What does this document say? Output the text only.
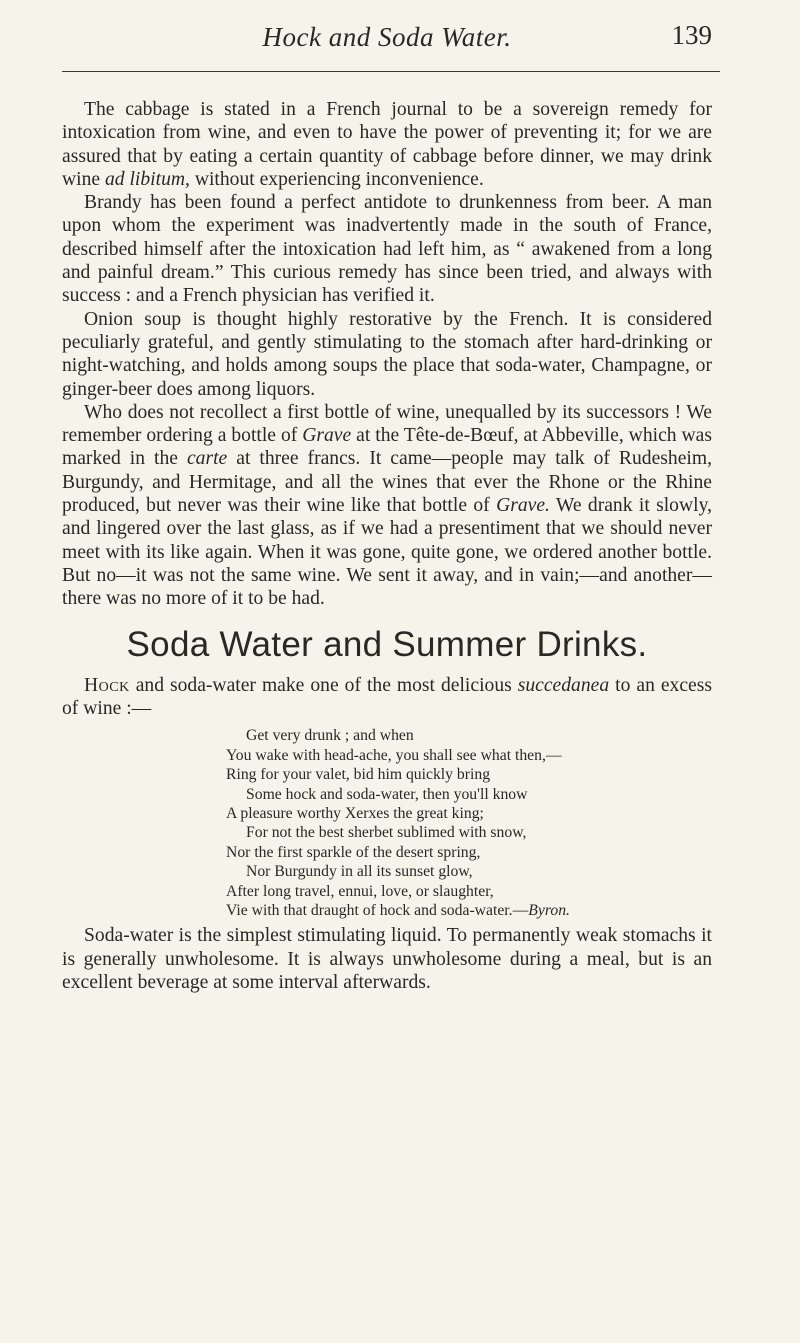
Hock and Soda Water.	139

The cabbage is stated in a French journal to be a sovereign remedy for intoxication from wine, and even to have the power of preventing it; for we are assured that by eating a certain quantity of cabbage before dinner, we may drink wine ad libitum, without experiencing inconvenience.

Brandy has been found a perfect antidote to drunkenness from beer. A man upon whom the experiment was inadvertently made in the south of France, described himself after the intoxication had left him, as “ awakened from a long and painful dream.” This curious remedy has since been tried, and always with success : and a French physician has verified it.

Onion soup is thought highly restorative by the French. It is considered peculiarly grateful, and gently stimulating to the stomach after hard-drinking or night-watching, and holds among soups the place that soda-water, Champagne, or ginger-beer does among liquors.

Who does not recollect a first bottle of wine, unequalled by its successors ! We remember ordering a bottle of Grave at the Tête-de-Bœuf, at Abbeville, which was marked in the carte at three francs. It came—people may talk of Rudesheim, Burgundy, and Hermitage, and all the wines that ever the Rhone or the Rhine produced, but never was their wine like that bottle of Grave. We drank it slowly, and lingered over the last glass, as if we had a presentiment that we should never meet with its like again. When it was gone, quite gone, we ordered another bottle. But no—it was not the same wine. We sent it away, and in vain;—and another—there was no more of it to be had.

Soda Water and Summer Drinks.

Hock and soda-water make one of the most delicious succedanea to an excess of wine :—

Get very drunk ; and when
You wake with head-ache, you shall see what then,—
Ring for your valet, bid him quickly bring
Some hock and soda-water, then you'll know
A pleasure worthy Xerxes the great king;
For not the best sherbet sublimed with snow,
Nor the first sparkle of the desert spring,
Nor Burgundy in all its sunset glow,
After long travel, ennui, love, or slaughter,
Vie with that draught of hock and soda-water.—Byron.

Soda-water is the simplest stimulating liquid. To permanently weak stomachs it is generally unwholesome. It is always unwholesome during a meal, but is an excellent beverage at some interval afterwards.
